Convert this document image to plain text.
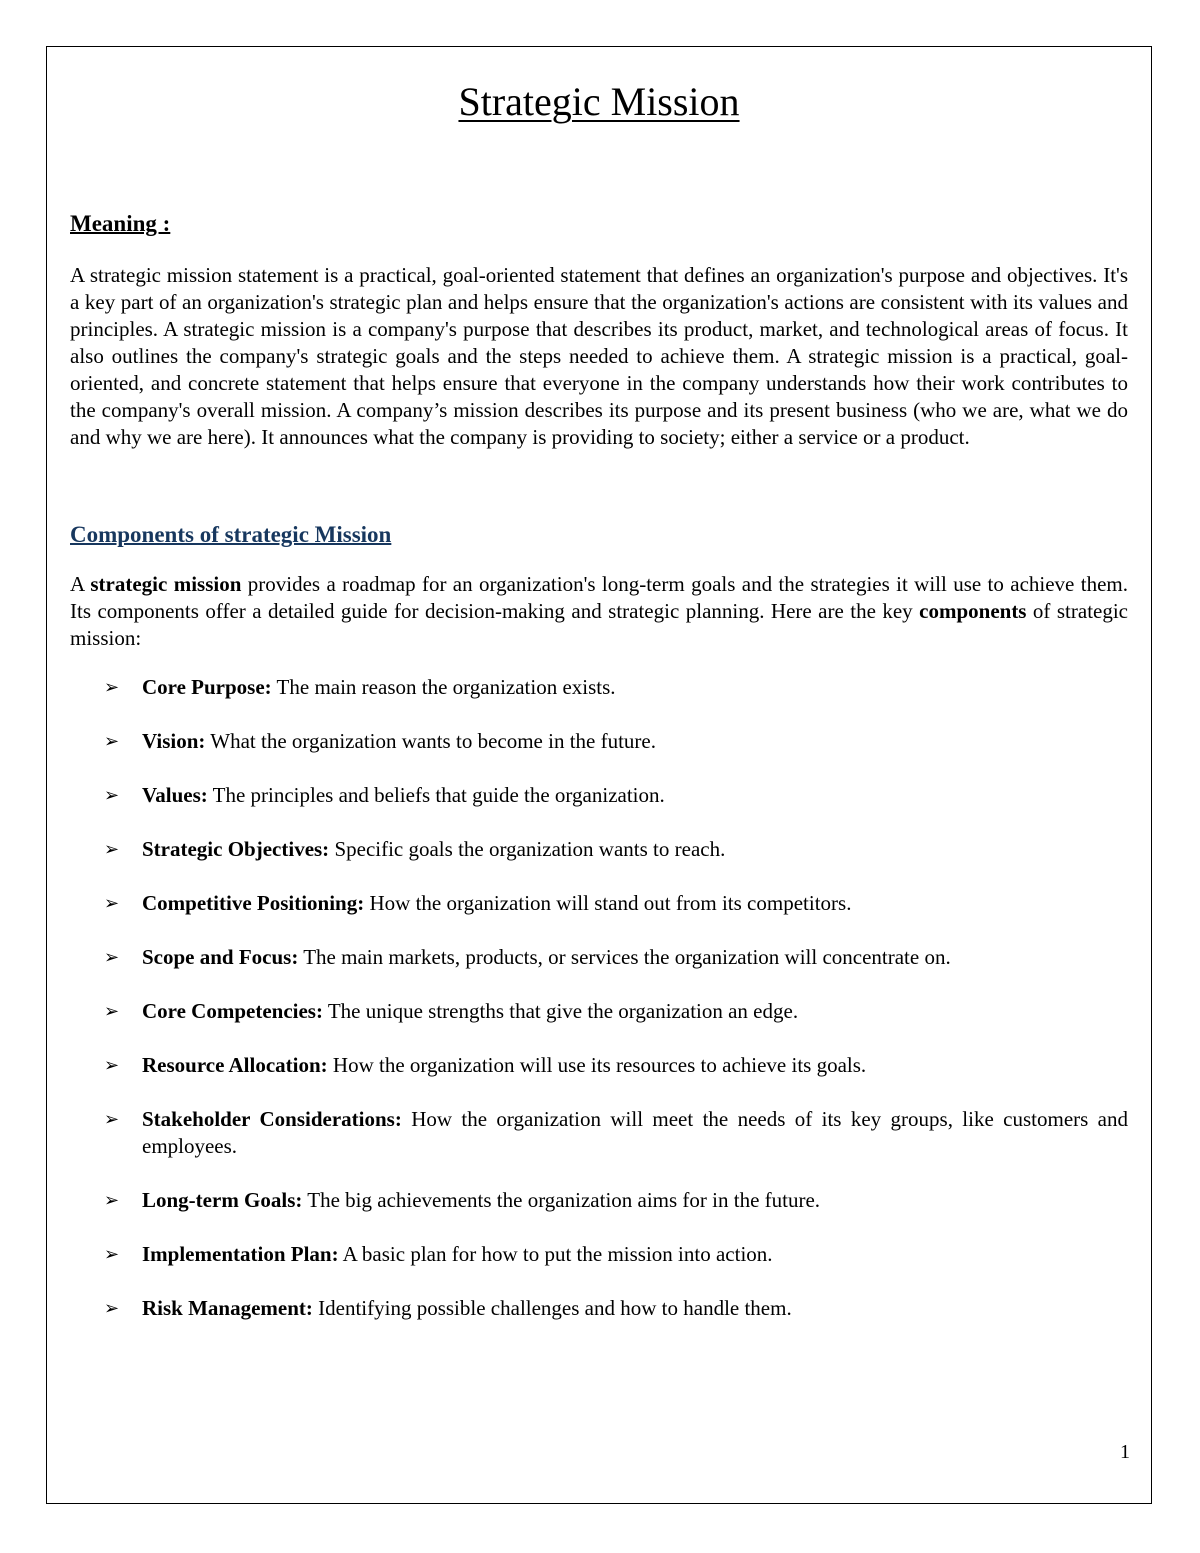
Strategic Mission
Meaning :

A strategic mission statement is a practical, goal-oriented statement that defines an organization's purpose and objectives. It's a key part of an organization's strategic plan and helps ensure that the organization's actions are consistent with its values and principles. A strategic mission is a company's purpose that describes its product, market, and technological areas of focus. It also outlines the company's strategic goals and the steps needed to achieve them. A strategic mission is a practical, goal-oriented, and concrete statement that helps ensure that everyone in the company understands how their work contributes to the company's overall mission. A company’s mission describes its purpose and its present business (who we are, what we do and why we are here). It announces what the company is providing to society; either a service or a product.

Components of strategic Mission

A strategic mission provides a roadmap for an organization's long-term goals and the strategies it will use to achieve them. Its components offer a detailed guide for decision-making and strategic planning. Here are the key components of strategic mission:

➢ Core Purpose: The main reason the organization exists.
➢ Vision: What the organization wants to become in the future.
➢ Values: The principles and beliefs that guide the organization.
➢ Strategic Objectives: Specific goals the organization wants to reach.
➢ Competitive Positioning: How the organization will stand out from its competitors.
➢ Scope and Focus: The main markets, products, or services the organization will concentrate on.
➢ Core Competencies: The unique strengths that give the organization an edge.
➢ Resource Allocation: How the organization will use its resources to achieve its goals.
➢ Stakeholder Considerations: How the organization will meet the needs of its key groups, like customers and employees.
➢ Long-term Goals: The big achievements the organization aims for in the future.
➢ Implementation Plan: A basic plan for how to put the mission into action.
➢ Risk Management: Identifying possible challenges and how to handle them.
1
